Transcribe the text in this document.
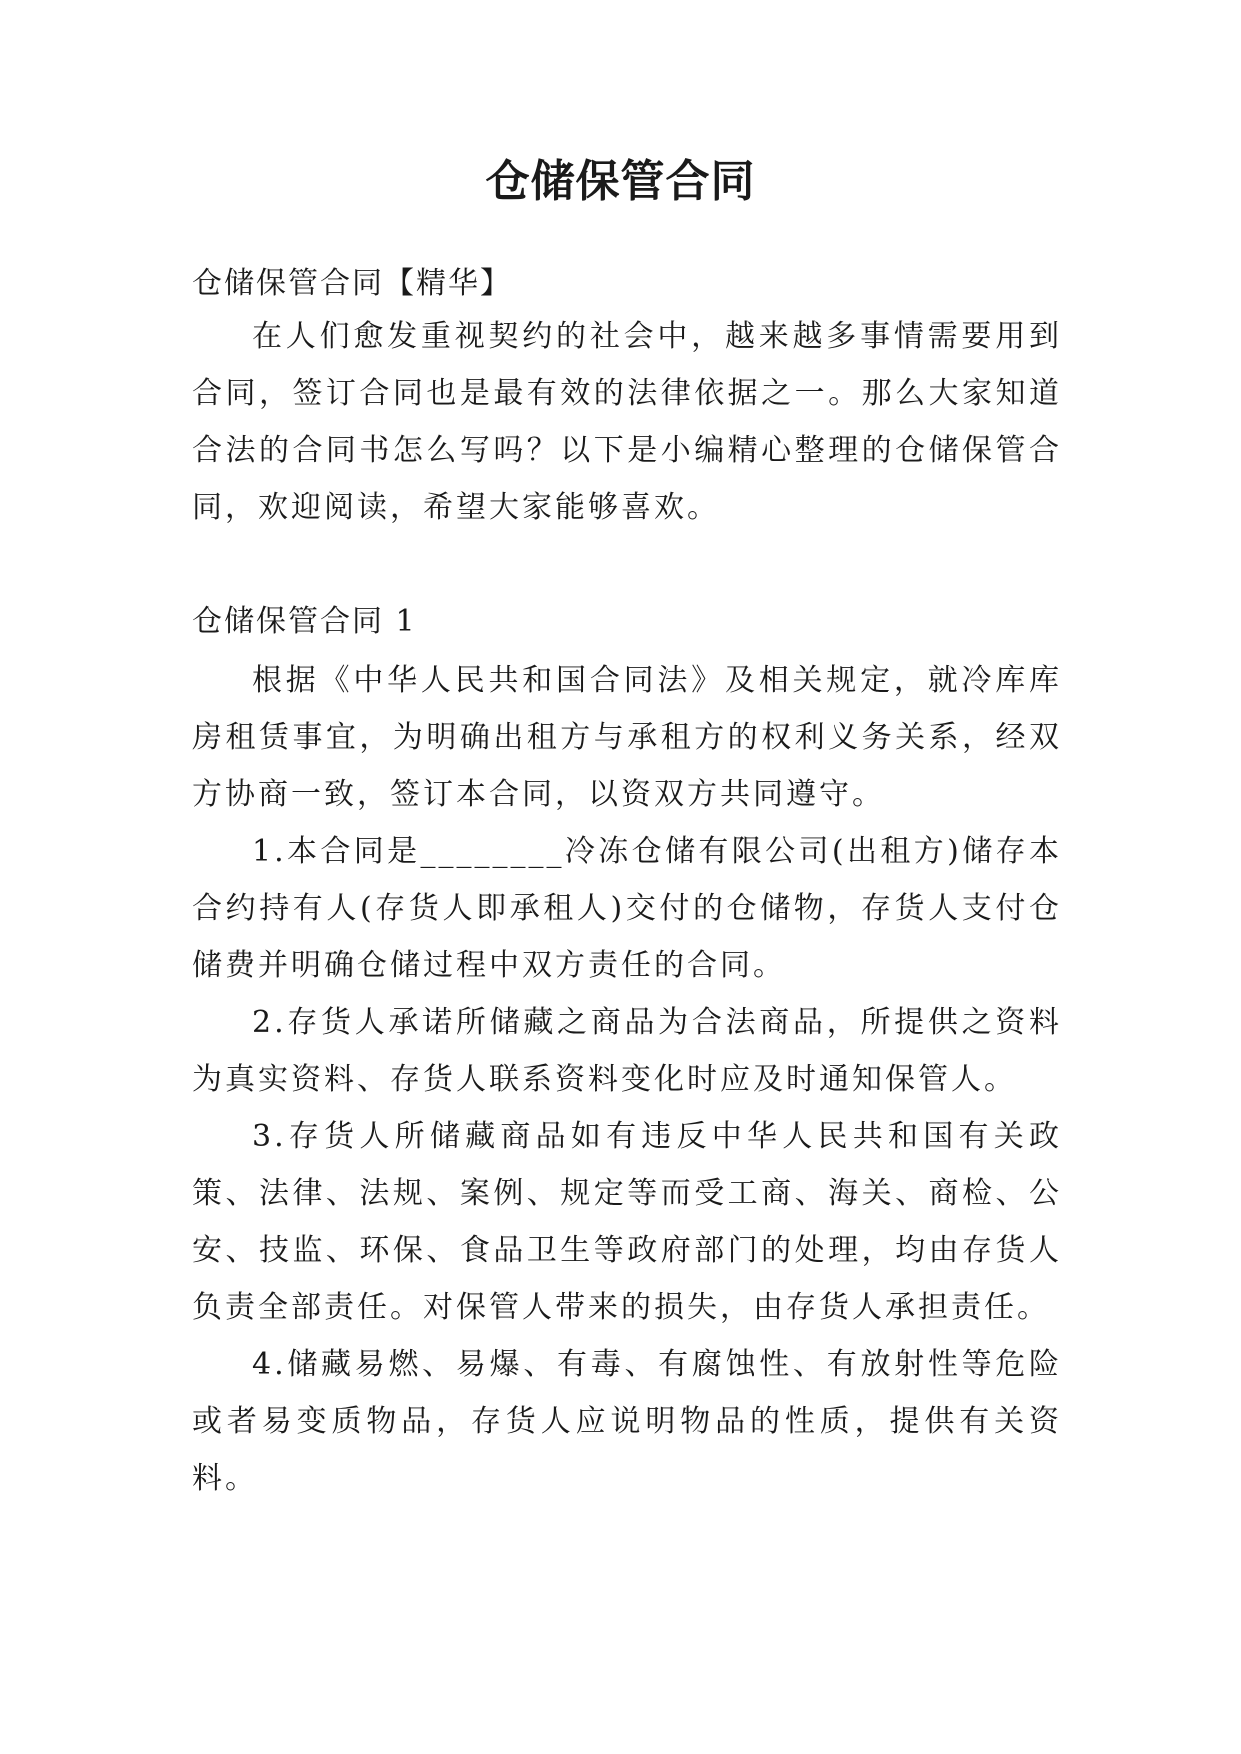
仓储保管合同
仓储保管合同【精华】

在人们愈发重视契约的社会中，越来越多事情需要用到合同，签订合同也是最有效的法律依据之一。那么大家知道合法的合同书怎么写吗？以下是小编精心整理的仓储保管合同，欢迎阅读，希望大家能够喜欢。

仓储保管合同 1

根据《中华人民共和国合同法》及相关规定，就冷库库房租赁事宜，为明确出租方与承租方的权利义务关系，经双方协商一致，签订本合同，以资双方共同遵守。

1.本合同是________冷冻仓储有限公司(出租方)储存本合约持有人(存货人即承租人)交付的仓储物，存货人支付仓储费并明确仓储过程中双方责任的合同。

2.存货人承诺所储藏之商品为合法商品，所提供之资料为真实资料、存货人联系资料变化时应及时通知保管人。

3.存货人所储藏商品如有违反中华人民共和国有关政策、法律、法规、案例、规定等而受工商、海关、商检、公安、技监、环保、食品卫生等政府部门的处理，均由存货人负责全部责任。对保管人带来的损失，由存货人承担责任。

4.储藏易燃、易爆、有毒、有腐蚀性、有放射性等危险或者易变质物品，存货人应说明物品的性质，提供有关资料。
